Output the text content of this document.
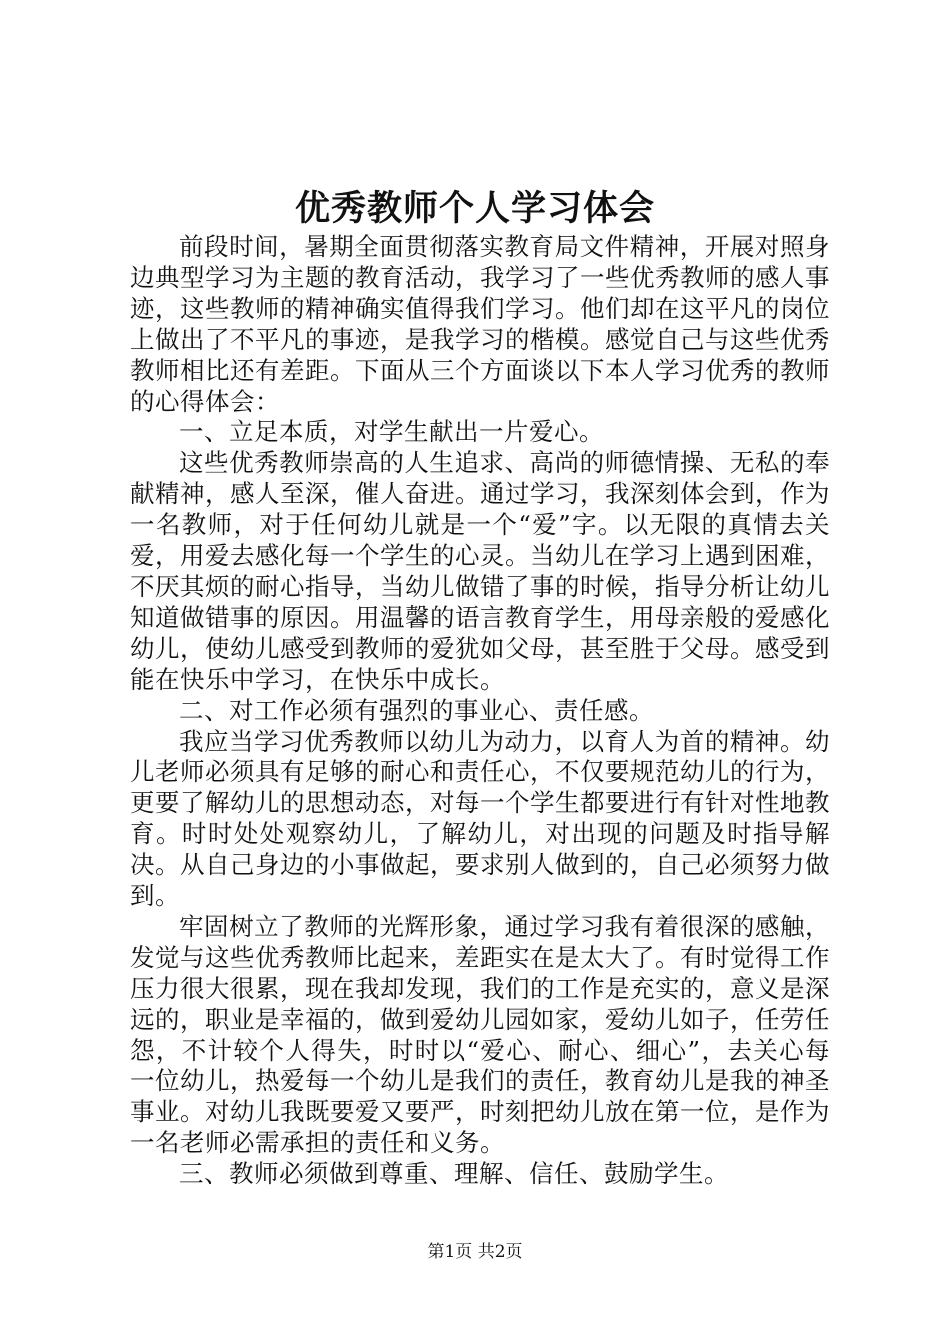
优秀教师个人学习体会

前段时间，暑期全面贯彻落实教育局文件精神，开展对照身边典型学习为主题的教育活动，我学习了一些优秀教师的感人事迹，这些教师的精神确实值得我们学习。他们却在这平凡的岗位上做出了不平凡的事迹，是我学习的楷模。感觉自己与这些优秀教师相比还有差距。下面从三个方面谈以下本人学习优秀的教师的心得体会：

一、立足本质，对学生献出一片爱心。

这些优秀教师崇高的人生追求、高尚的师德情操、无私的奉献精神，感人至深，催人奋进。通过学习，我深刻体会到，作为一名教师，对于任何幼儿就是一个“爱”字。以无限的真情去关爱，用爱去感化每一个学生的心灵。当幼儿在学习上遇到困难，不厌其烦的耐心指导，当幼儿做错了事的时候，指导分析让幼儿知道做错事的原因。用温馨的语言教育学生，用母亲般的爱感化幼儿，使幼儿感受到教师的爱犹如父母，甚至胜于父母。感受到能在快乐中学习，在快乐中成长。

二、对工作必须有强烈的事业心、责任感。

我应当学习优秀教师以幼儿为动力，以育人为首的精神。幼儿老师必须具有足够的耐心和责任心，不仅要规范幼儿的行为，更要了解幼儿的思想动态，对每一个学生都要进行有针对性地教育。时时处处观察幼儿，了解幼儿，对出现的问题及时指导解决。从自己身边的小事做起，要求别人做到的，自己必须努力做到。

牢固树立了教师的光辉形象，通过学习我有着很深的感触，发觉与这些优秀教师比起来，差距实在是太大了。有时觉得工作压力很大很累，现在我却发现，我们的工作是充实的，意义是深远的，职业是幸福的，做到爱幼儿园如家，爱幼儿如子，任劳任怨，不计较个人得失，时时以“爱心、耐心、细心”，去关心每一位幼儿，热爱每一个幼儿是我们的责任，教育幼儿是我的神圣事业。对幼儿我既要爱又要严，时刻把幼儿放在第一位，是作为一名老师必需承担的责任和义务。

三、教师必须做到尊重、理解、信任、鼓励学生。

第1页 共2页
